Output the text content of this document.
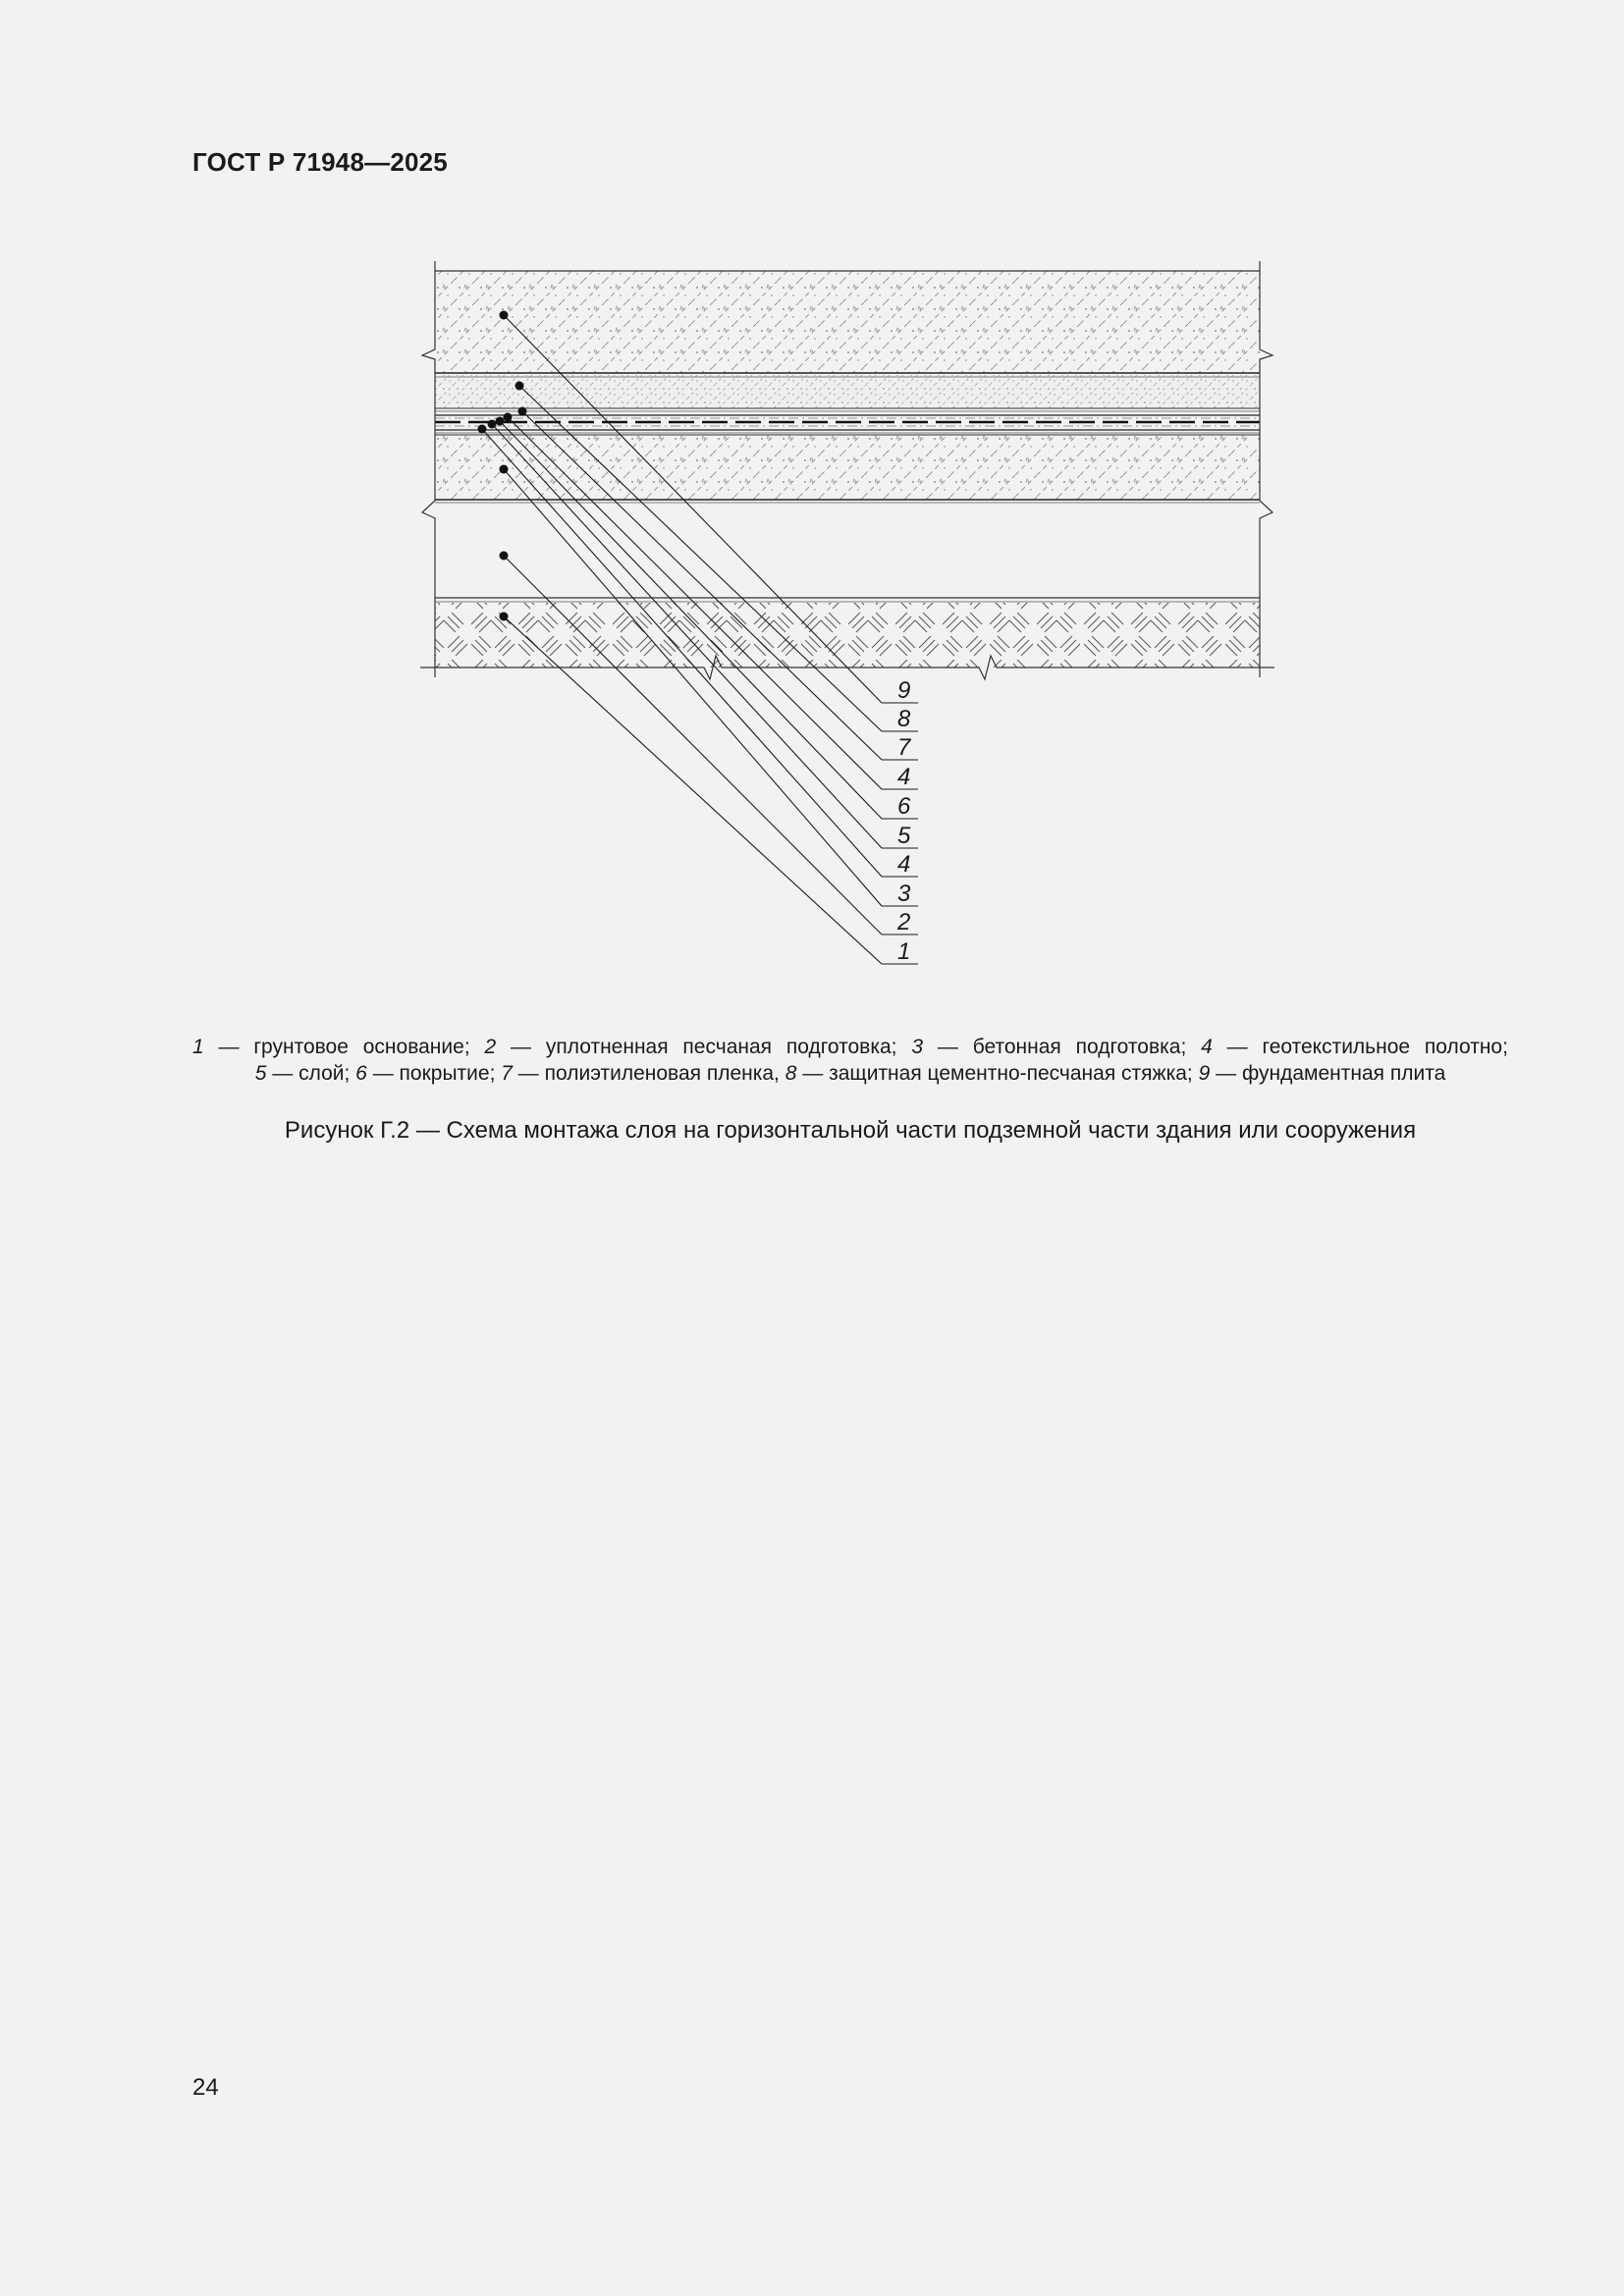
ГОСТ Р 71948—2025
9
8
7
4
6
5
4
3
2
1
1 — грунтовое основание; 2 — уплотненная песчаная подготовка; 3 — бетонная подготовка; 4 — геотекстильное полотно;
5 — слой; 6 — покрытие; 7 — полиэтиленовая пленка, 8 — защитная цементно-песчаная стяжка; 9 — фундаментная плита
Рисунок Г.2 — Схема монтажа слоя на горизонтальной части подземной части здания или сооружения
24
